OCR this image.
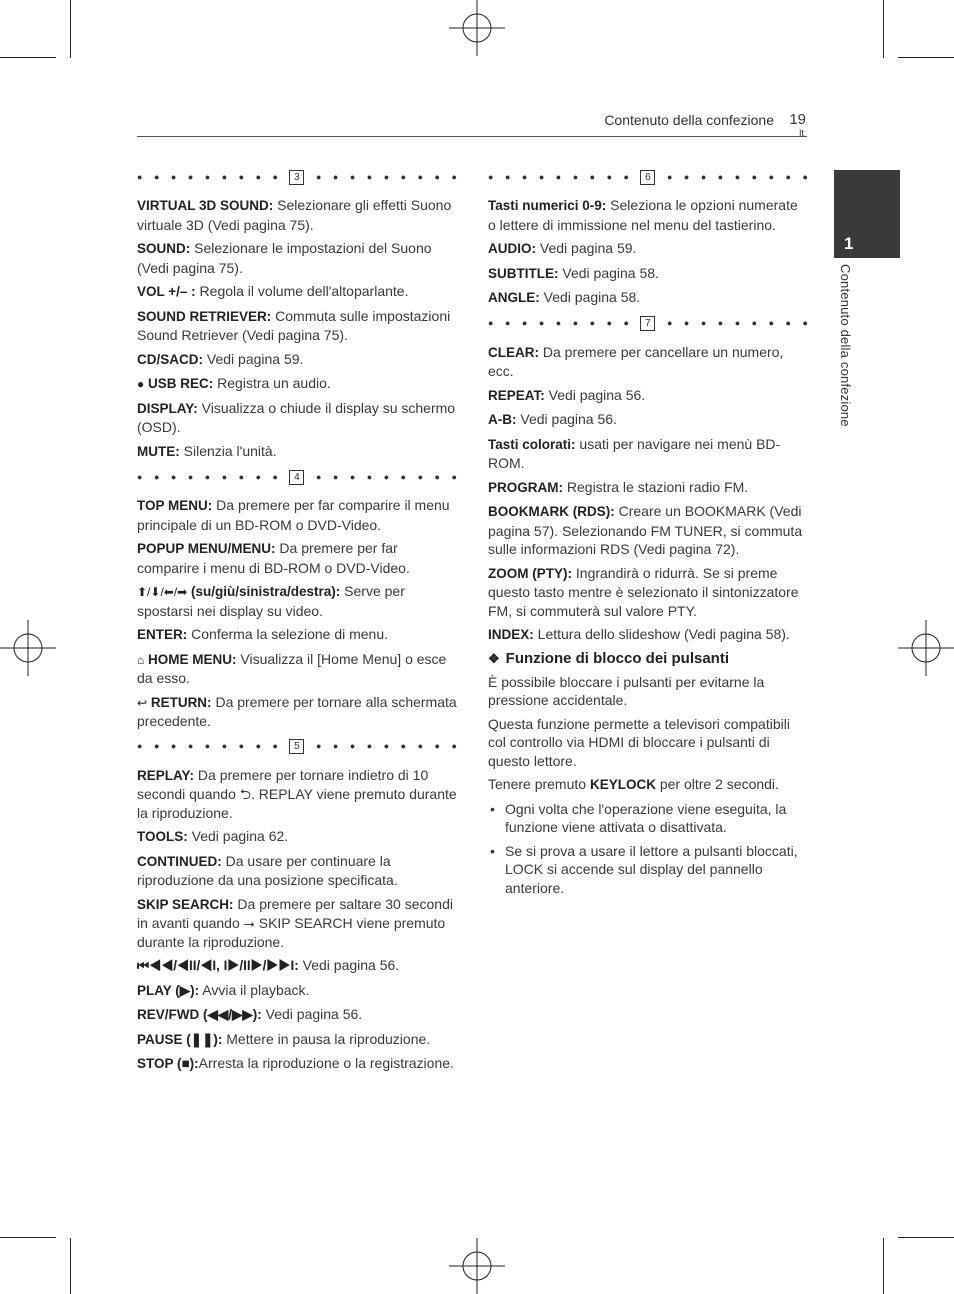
Contenuto della confezione 19
It
1
Contenuto della confezione
● ● ● ● ● ● ● ● ●	3	● ● ● ● ● ● ● ● ●
VIRTUAL 3D SOUND: Selezionare gli effetti Suono virtuale 3D (Vedi pagina 75).
SOUND: Selezionare le impostazioni del Suono (Vedi pagina 75).
VOL +/– : Regola il volume dell'altoparlante.
SOUND RETRIEVER: Commuta sulle impostazioni Sound Retriever (Vedi pagina 75).
CD/SACD: Vedi pagina 59.
● USB REC: Registra un audio.
DISPLAY: Visualizza o chiude il display su schermo (OSD).
MUTE: Silenzia l'unità.
● ● ● ● ● ● ● ● ●	4	● ● ● ● ● ● ● ● ●
TOP MENU: Da premere per far comparire il menu principale di un BD-ROM o DVD-Video.
POPUP MENU/MENU: Da premere per far comparire i menu di BD-ROM o DVD-Video.
⬆/⬇/⬅/➡ (su/giù/sinistra/destra): Serve per spostarsi nei display su video.
ENTER: Conferma la selezione di menu.
⌂ HOME MENU: Visualizza il [Home Menu] o esce da esso.
↩ RETURN: Da premere per tornare alla schermata precedente.
● ● ● ● ● ● ● ● ●	5	● ● ● ● ● ● ● ● ●
REPLAY: Da premere per tornare indietro di 10 secondi quando ⮌. REPLAY viene premuto durante la riproduzione.
TOOLS: Vedi pagina 62.
CONTINUED: Da usare per continuare la riproduzione da una posizione specificata.
SKIP SEARCH: Da premere per saltare 30 secondi in avanti quando ⭢ SKIP SEARCH viene premuto durante la riproduzione.
⏮◀◀/◀II/◀I, I▶/II▶/▶▶I: Vedi pagina 56.
PLAY (▶): Avvia il playback.
REV/FWD (◀◀/▶▶): Vedi pagina 56.
PAUSE (❚❚): Mettere in pausa la riproduzione.
STOP (■):Arresta la riproduzione o la registrazione.
● ● ● ● ● ● ● ● ●	6	● ● ● ● ● ● ● ● ●
Tasti numerici 0-9: Seleziona le opzioni numerate o lettere di immissione nel menu del tastierino.
AUDIO: Vedi pagina 59.
SUBTITLE: Vedi pagina 58.
ANGLE: Vedi pagina 58.
● ● ● ● ● ● ● ● ●	7	● ● ● ● ● ● ● ● ●
CLEAR: Da premere per cancellare un numero, ecc.
REPEAT: Vedi pagina 56.
A-B: Vedi pagina 56.
Tasti colorati: usati per navigare nei menù BD-ROM.
PROGRAM: Registra le stazioni radio FM.
BOOKMARK (RDS): Creare un BOOKMARK (Vedi pagina 57). Selezionando FM TUNER, si commuta sulle informazioni RDS (Vedi pagina 72).
ZOOM (PTY): Ingrandirà o ridurrà. Se si preme questo tasto mentre è selezionato il sintonizzatore FM, si commuterà sul valore PTY.
INDEX: Lettura dello slideshow (Vedi pagina 58).
❖ Funzione di blocco dei pulsanti
È possibile bloccare i pulsanti per evitarne la pressione accidentale.
Questa funzione permette a televisori compatibili col controllo via HDMI di bloccare i pulsanti di questo lettore.
Tenere premuto KEYLOCK per oltre 2 secondi.
• Ogni volta che l'operazione viene eseguita, la funzione viene attivata o disattivata.
• Se si prova a usare il lettore a pulsanti bloccati, LOCK si accende sul display del pannello anteriore.
